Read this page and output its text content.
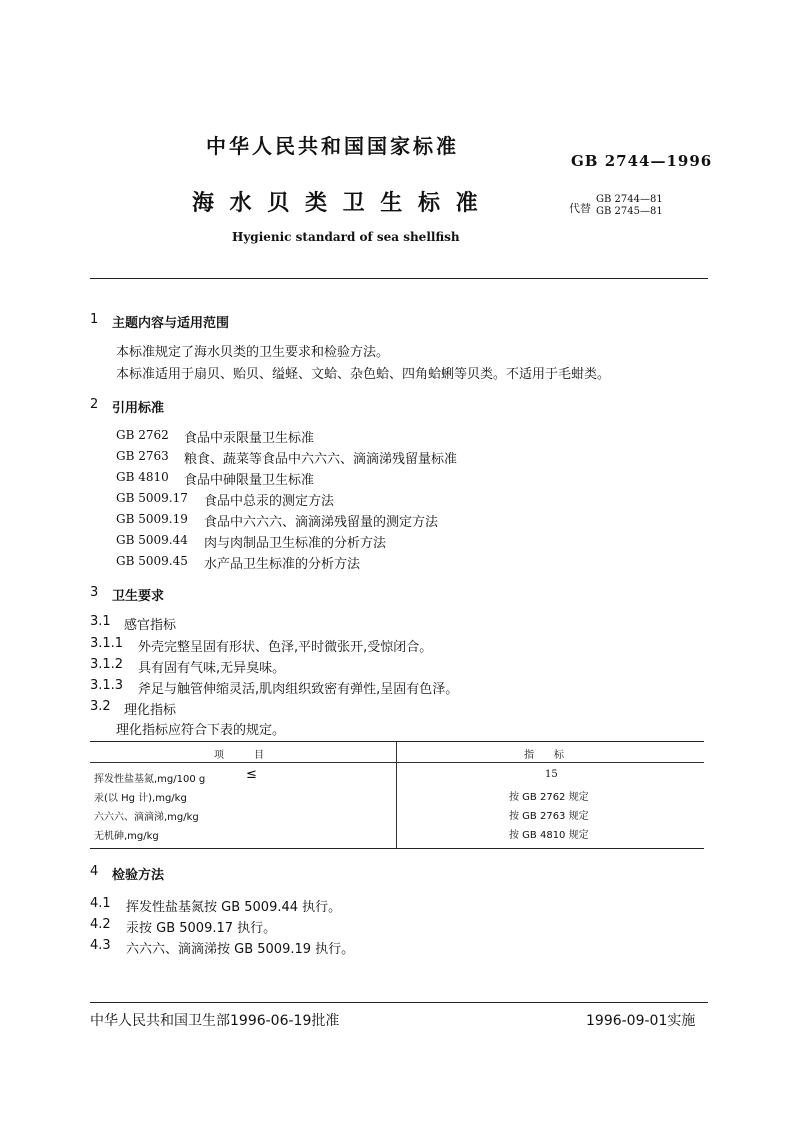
中华人民共和国国家标准
GB 2744—1996
海 水 贝 类 卫 生 标 准	代替
GB 2744—81
GB 2745—81
Hygienic standard of sea shellfish
1 主题内容与适用范围
本标准规定了海水贝类的卫生要求和检验方法。
本标准适用于扇贝、贻贝、缢蛏、文蛤、杂色蛤、四角蛤蜊等贝类。不适用于毛蚶类。
2 引用标准
GB 2762 食品中汞限量卫生标准
GB 2763 粮食、蔬菜等食品中六六六、滴滴涕残留量标准
GB 4810 食品中砷限量卫生标准
GB 5009.17 食品中总汞的测定方法
GB 5009.19 食品中六六六、滴滴涕残留量的测定方法
GB 5009.44 肉与肉制品卫生标准的分析方法
GB 5009.45 水产品卫生标准的分析方法
3 卫生要求
3.1 感官指标
3.1.1 外壳完整呈固有形状、色泽,平时微张开,受惊闭合。
3.1.2 具有固有气味,无异臭味。
3.1.3 斧足与触管伸缩灵活,肌肉组织致密有弹性,呈固有色泽。
3.2 理化指标
理化指标应符合下表的规定。
项　　　目	指　　标
挥发性盐基氮,mg/100 g	≤	15
汞(以 Hg 计),mg/kg	按 GB 2762 规定
六六六、滴滴涕,mg/kg	按 GB 2763 规定
无机砷,mg/kg	按 GB 4810 规定
4 检验方法
4.1 挥发性盐基氮按 GB 5009.44 执行。
4.2 汞按 GB 5009.17 执行。
4.3 六六六、滴滴涕按 GB 5009.19 执行。
中华人民共和国卫生部1996-06-19批准	1996-09-01实施
